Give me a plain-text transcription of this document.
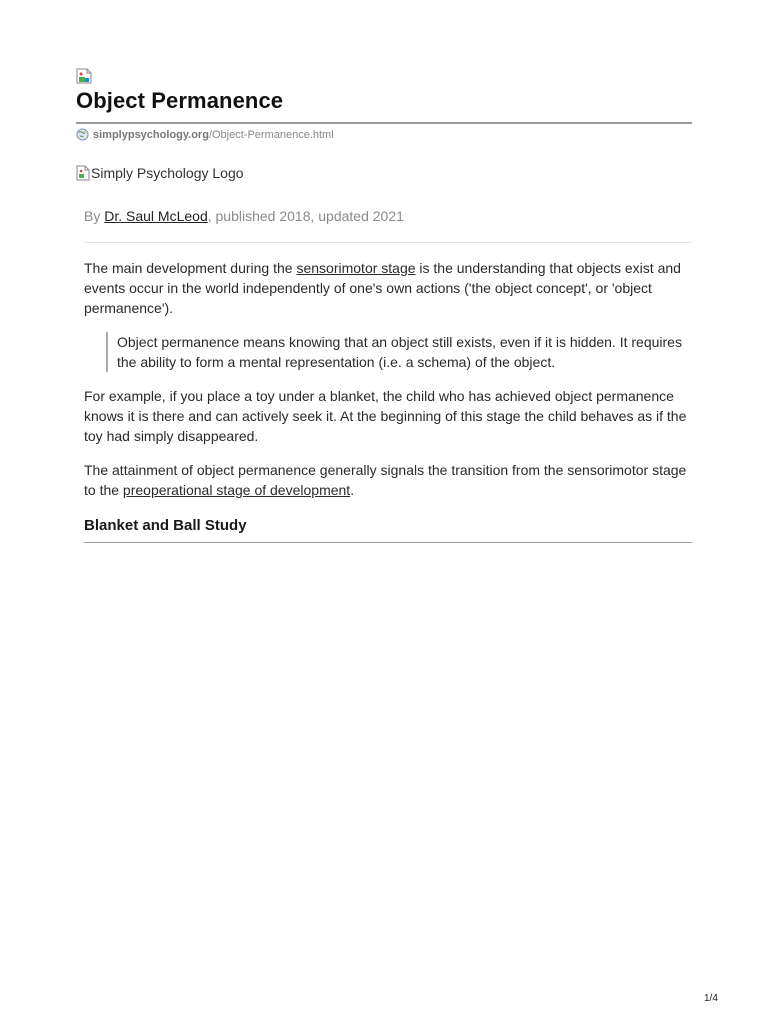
Object Permanence
simplypsychology.org/Object-Permanence.html
Simply Psychology Logo
By Dr. Saul McLeod, published 2018, updated 2021

The main development during the sensorimotor stage is the understanding that objects exist and events occur in the world independently of one's own actions ('the object concept', or 'object permanence').

Object permanence means knowing that an object still exists, even if it is hidden. It requires the ability to form a mental representation (i.e. a schema) of the object.

For example, if you place a toy under a blanket, the child who has achieved object permanence knows it is there and can actively seek it. At the beginning of this stage the child behaves as if the toy had simply disappeared.

The attainment of object permanence generally signals the transition from the sensorimotor stage to the preoperational stage of development.

Blanket and Ball Study
1/4
